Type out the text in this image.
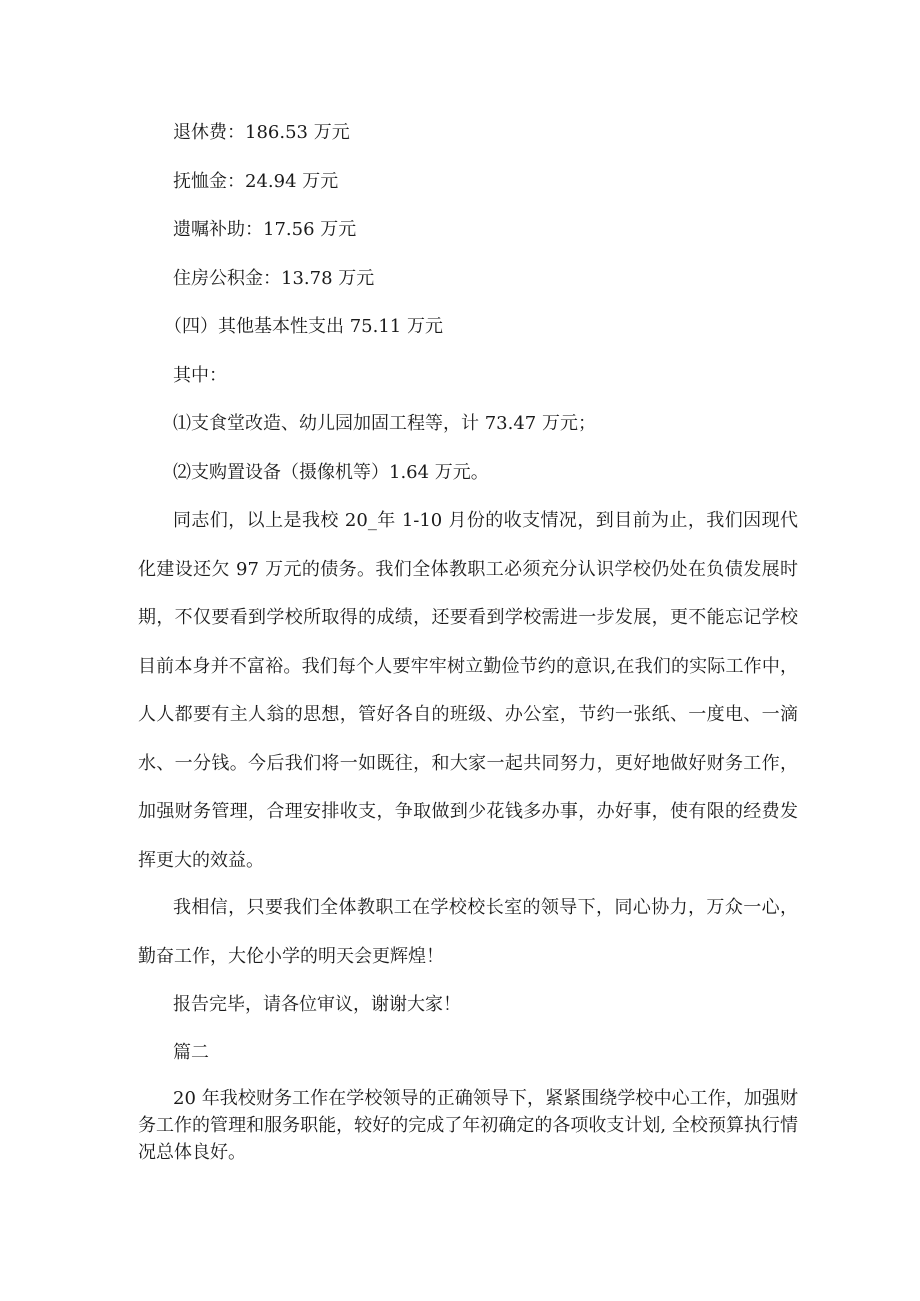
退休费：186.53 万元
抚恤金：24.94 万元
遗嘱补助：17.56 万元
住房公积金：13.78 万元
（四）其他基本性支出 75.11 万元
其中：
⑴支食堂改造、幼儿园加固工程等，计 73.47 万元；
⑵支购置设备（摄像机等）1.64 万元。
同志们，以上是我校 20_年 1-10 月份的收支情况，到目前为止，我们因现代化建设还欠 97 万元的债务。我们全体教职工必须充分认识学校仍处在负债发展时期，不仅要看到学校所取得的成绩，还要看到学校需进一步发展，更不能忘记学校目前本身并不富裕。我们每个人要牢牢树立勤俭节约的意识,在我们的实际工作中，人人都要有主人翁的思想，管好各自的班级、办公室，节约一张纸、一度电、一滴水、一分钱。今后我们将一如既往，和大家一起共同努力，更好地做好财务工作，加强财务管理，合理安排收支，争取做到少花钱多办事，办好事，使有限的经费发挥更大的效益。
我相信，只要我们全体教职工在学校校长室的领导下，同心协力，万众一心，勤奋工作，大伦小学的明天会更辉煌！
报告完毕，请各位审议，谢谢大家！
篇二
20 年我校财务工作在学校领导的正确领导下，紧紧围绕学校中心工作，加强财务工作的管理和服务职能，较好的完成了年初确定的各项收支计划, 全校预算执行情况总体良好。
